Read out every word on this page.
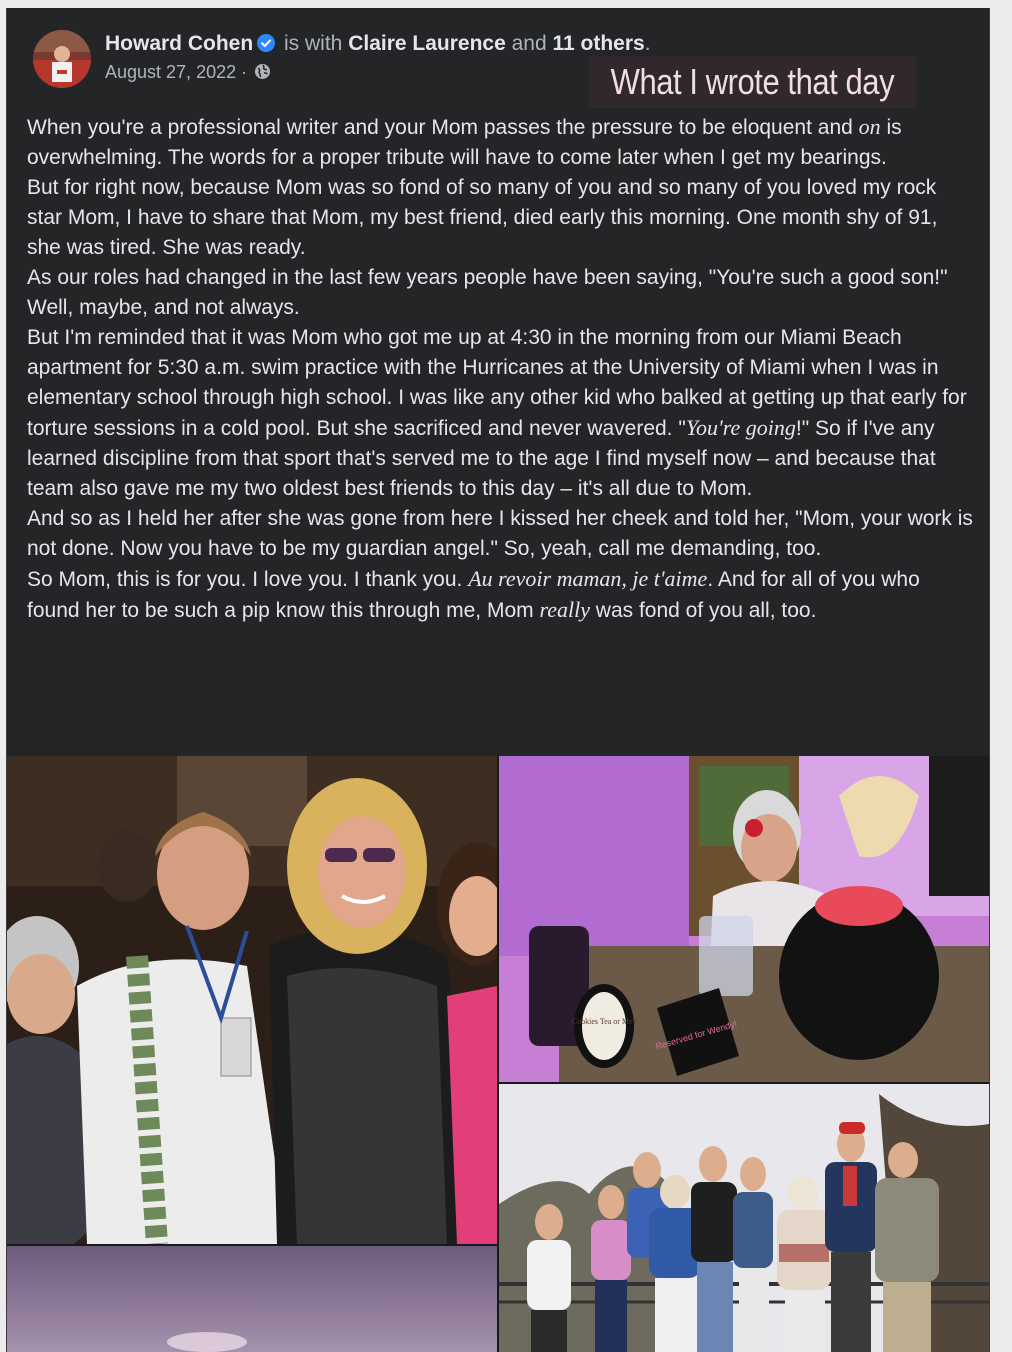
Howard Cohen is with Claire Laurence and 11 others.
August 27, 2022 ·	What I wrote that day

When you're a professional writer and your Mom passes the pressure to be eloquent and on is overwhelming. The words for a proper tribute will have to come later when I get my bearings.

But for right now, because Mom was so fond of so many of you and so many of you loved my rock star Mom, I have to share that Mom, my best friend, died early this morning. One month shy of 91, she was tired. She was ready.

As our roles had changed in the last few years people have been saying, "You're such a good son!"

Well, maybe, and not always.

But I'm reminded that it was Mom who got me up at 4:30 in the morning from our Miami Beach apartment for 5:30 a.m. swim practice with the Hurricanes at the University of Miami when I was in elementary school through high school. I was like any other kid who balked at getting up that early for torture sessions in a cold pool. But she sacrificed and never wavered. "You're going!" So if I've any learned discipline from that sport that's served me to the age I find myself now – and because that team also gave me my two oldest best friends to this day – it's all due to Mom.

And so as I held her after she was gone from here I kissed her cheek and told her, "Mom, your work is not done. Now you have to be my guardian angel." So, yeah, call me demanding, too.

So Mom, this is for you. I love you. I thank you. Au revoir maman, je t'aime. And for all of you who found her to be such a pip know this through me, Mom really was fond of you all, too.

Cookies Tea or Me? Reserved for Wendy!
